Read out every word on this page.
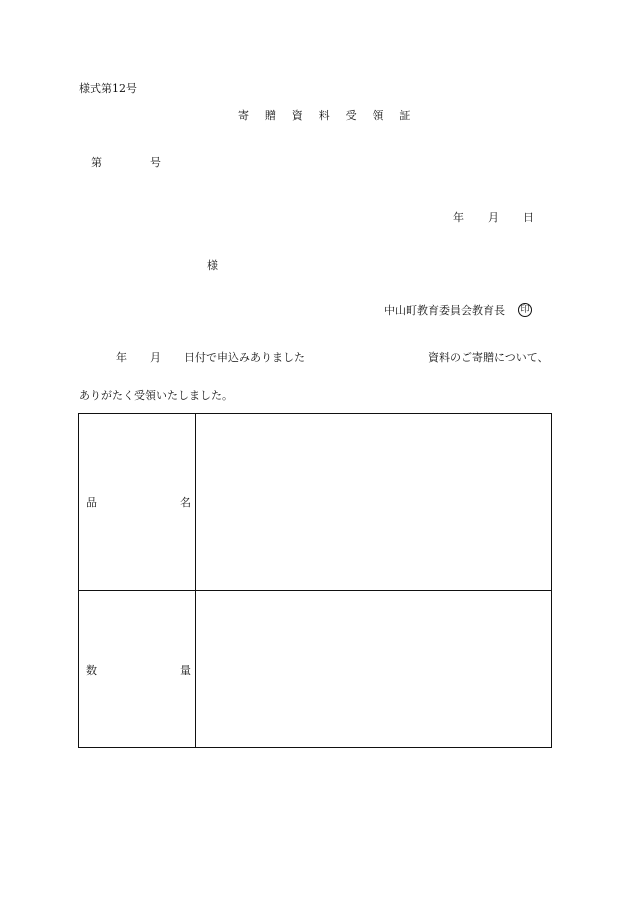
様式第12号
寄 贈 資 料 受 領 証
第	号
年 月 日
様
中山町教育委員会教育長 印
年 月 日付で申込みありました	資料のご寄贈について、
ありがたく受領いたしました。
品	名
数	量
